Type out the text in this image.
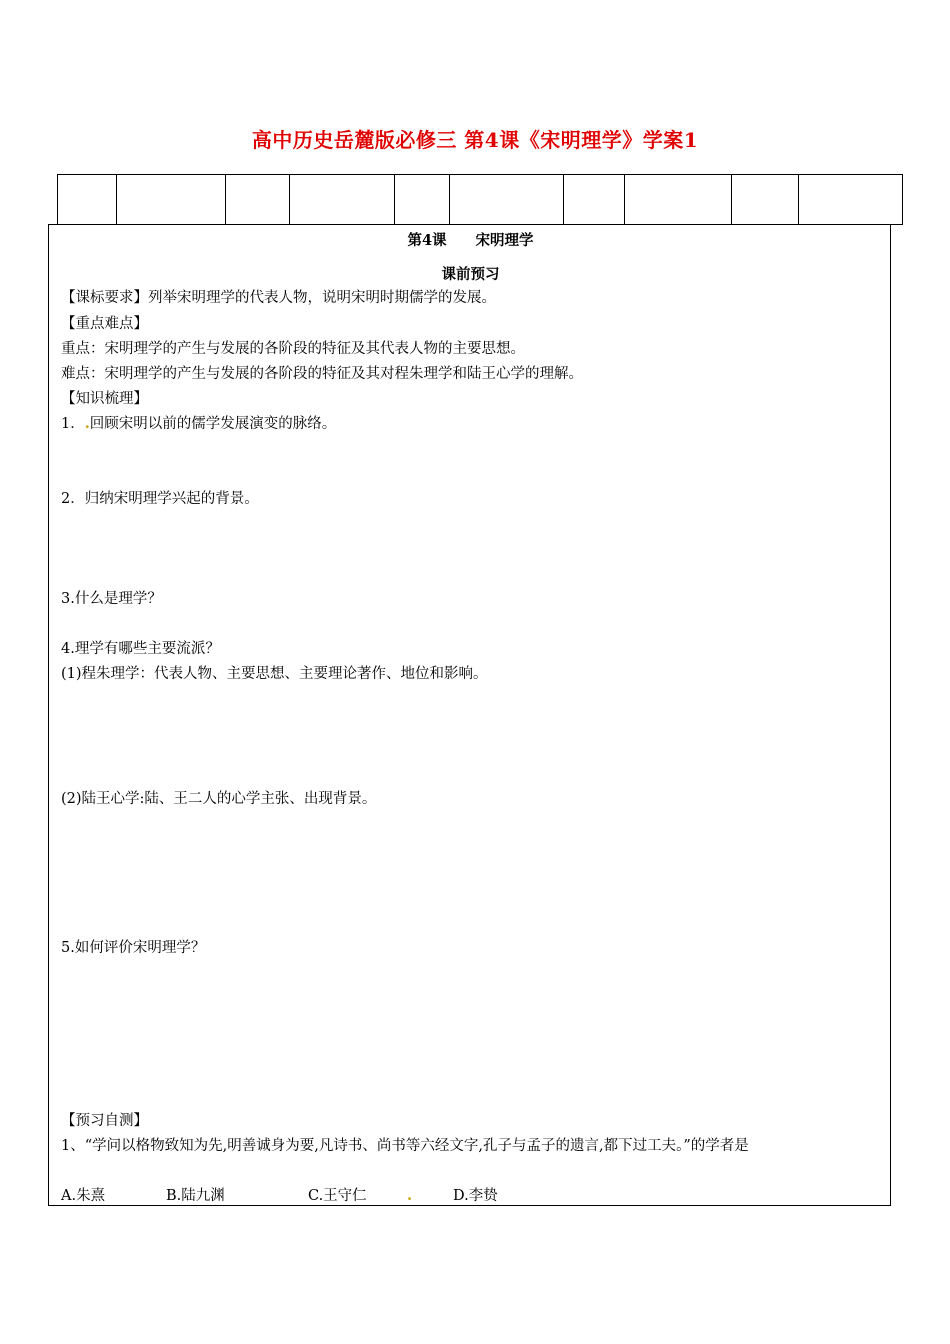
高中历史岳麓版必修三 第4课《宋明理学》学案1

第4课　　宋明理学
课前预习
【课标要求】列举宋明理学的代表人物，说明宋明时期儒学的发展。
【重点难点】
重点：宋明理学的产生与发展的各阶段的特征及其代表人物的主要思想。
难点：宋明理学的产生与发展的各阶段的特征及其对程朱理学和陆王心学的理解。
【知识梳理】
1．.回顾宋明以前的儒学发展演变的脉络。
2．归纳宋明理学兴起的背景。
3.什么是理学？
4.理学有哪些主要流派？
(1)程朱理学：代表人物、主要思想、主要理论著作、地位和影响。
(2)陆王心学:陆、王二人的心学主张、出现背景。
5.如何评价宋明理学？
【预习自测】
1、“学问以格物致知为先,明善诚身为要,凡诗书、尚书等六经文字,孔子与孟子的遗言,都下过工夫。”的学者是
A.朱熹	B.陆九渊	C.王守仁	.	D.李贽
